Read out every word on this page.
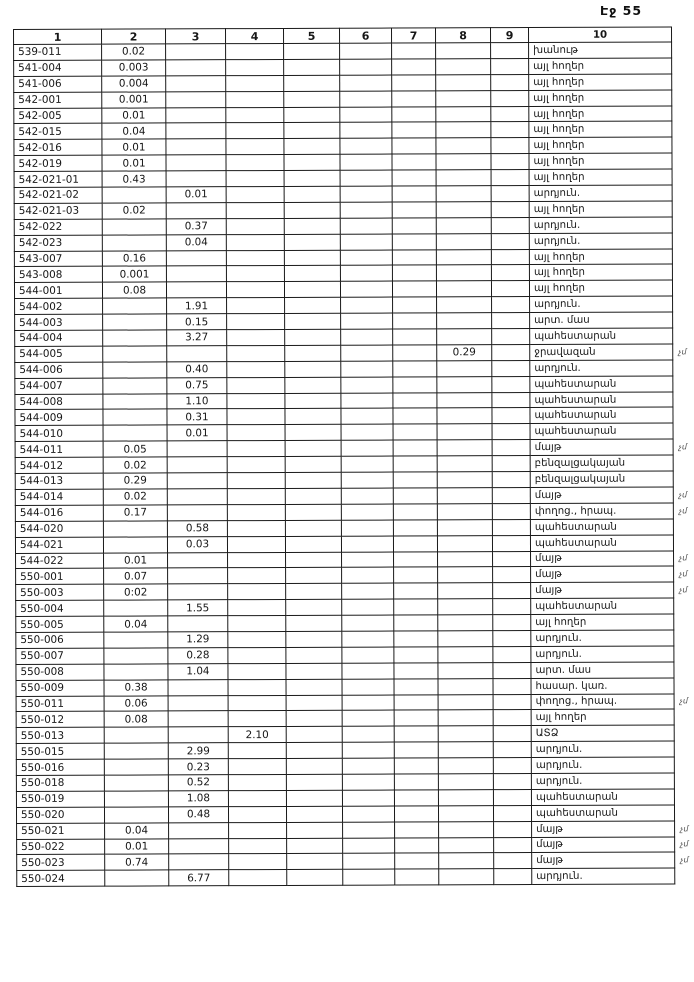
Էջ 55
1	2	3	4	5	6	7	8	9	10	
539-011	0.02								խանութ	
541-004	0.003								այլ հողեր	
541-006	0.004								այլ հողեր	
542-001	0.001								այլ հողեր	
542-005	0.01								այլ հողեր	
542-015	0.04								այլ հողեր	
542-016	0.01								այլ հողեր	
542-019	0.01								այլ հողեր	
542-021-01	0.43								այլ հողեր	
542-021-02		0.01							արդյուն.	
542-021-03	0.02								այլ հողեր	
542-022		0.37							արդյուն.	
542-023		0.04							արդյուն.	
543-007	0.16								այլ հողեր	
543-008	0.001								այլ հողեր	
544-001	0.08								այլ հողեր	
544-002		1.91							արդյուն.	
544-003		0.15							արտ. մաս	
544-004		3.27							պահեստարան	
544-005							0.29		ջրավազան	չմ
544-006		0.40							արդյուն.	
544-007		0.75							պահեստարան	
544-008		1.10							պահեստարան	
544-009		0.31							պահեստարան	
544-010		0.01							պահեստարան	
544-011	0.05								մայթ	չմ
544-012	0.02								բենզալցակայան	
544-013	0.29								բենզալցակայան	
544-014	0.02								մայթ	չմ
544-016	0.17								փողոց., հրապ.	չմ
544-020		0.58							պահեստարան	
544-021		0.03							պահեստարան	
544-022	0.01								մայթ	չմ
550-001	0.07								մայթ	չմ
550-003	0:02								մայթ	չմ
550-004		1.55							պահեստարան	
550-005	0.04								այլ հողեր	
550-006		1.29							արդյուն.	
550-007		0.28							արդյուն.	
550-008		1.04							արտ. մաս	
550-009	0.38								հասար. կառ.	
550-011	0.06								փողոց., հրապ.	չմ
550-012	0.08								այլ հողեր	
550-013			2.10						ԱՏՁ	
550-015		2.99							արդյուն.	
550-016		0.23							արդյուն.	
550-018		0.52							արդյուն.	
550-019		1.08							պահեստարան	
550-020		0.48							պահեստարան	
550-021	0.04								մայթ	չմ
550-022	0.01								մայթ	չմ
550-023	0.74								մայթ	չմ
550-024		6.77							արդյուն.	
